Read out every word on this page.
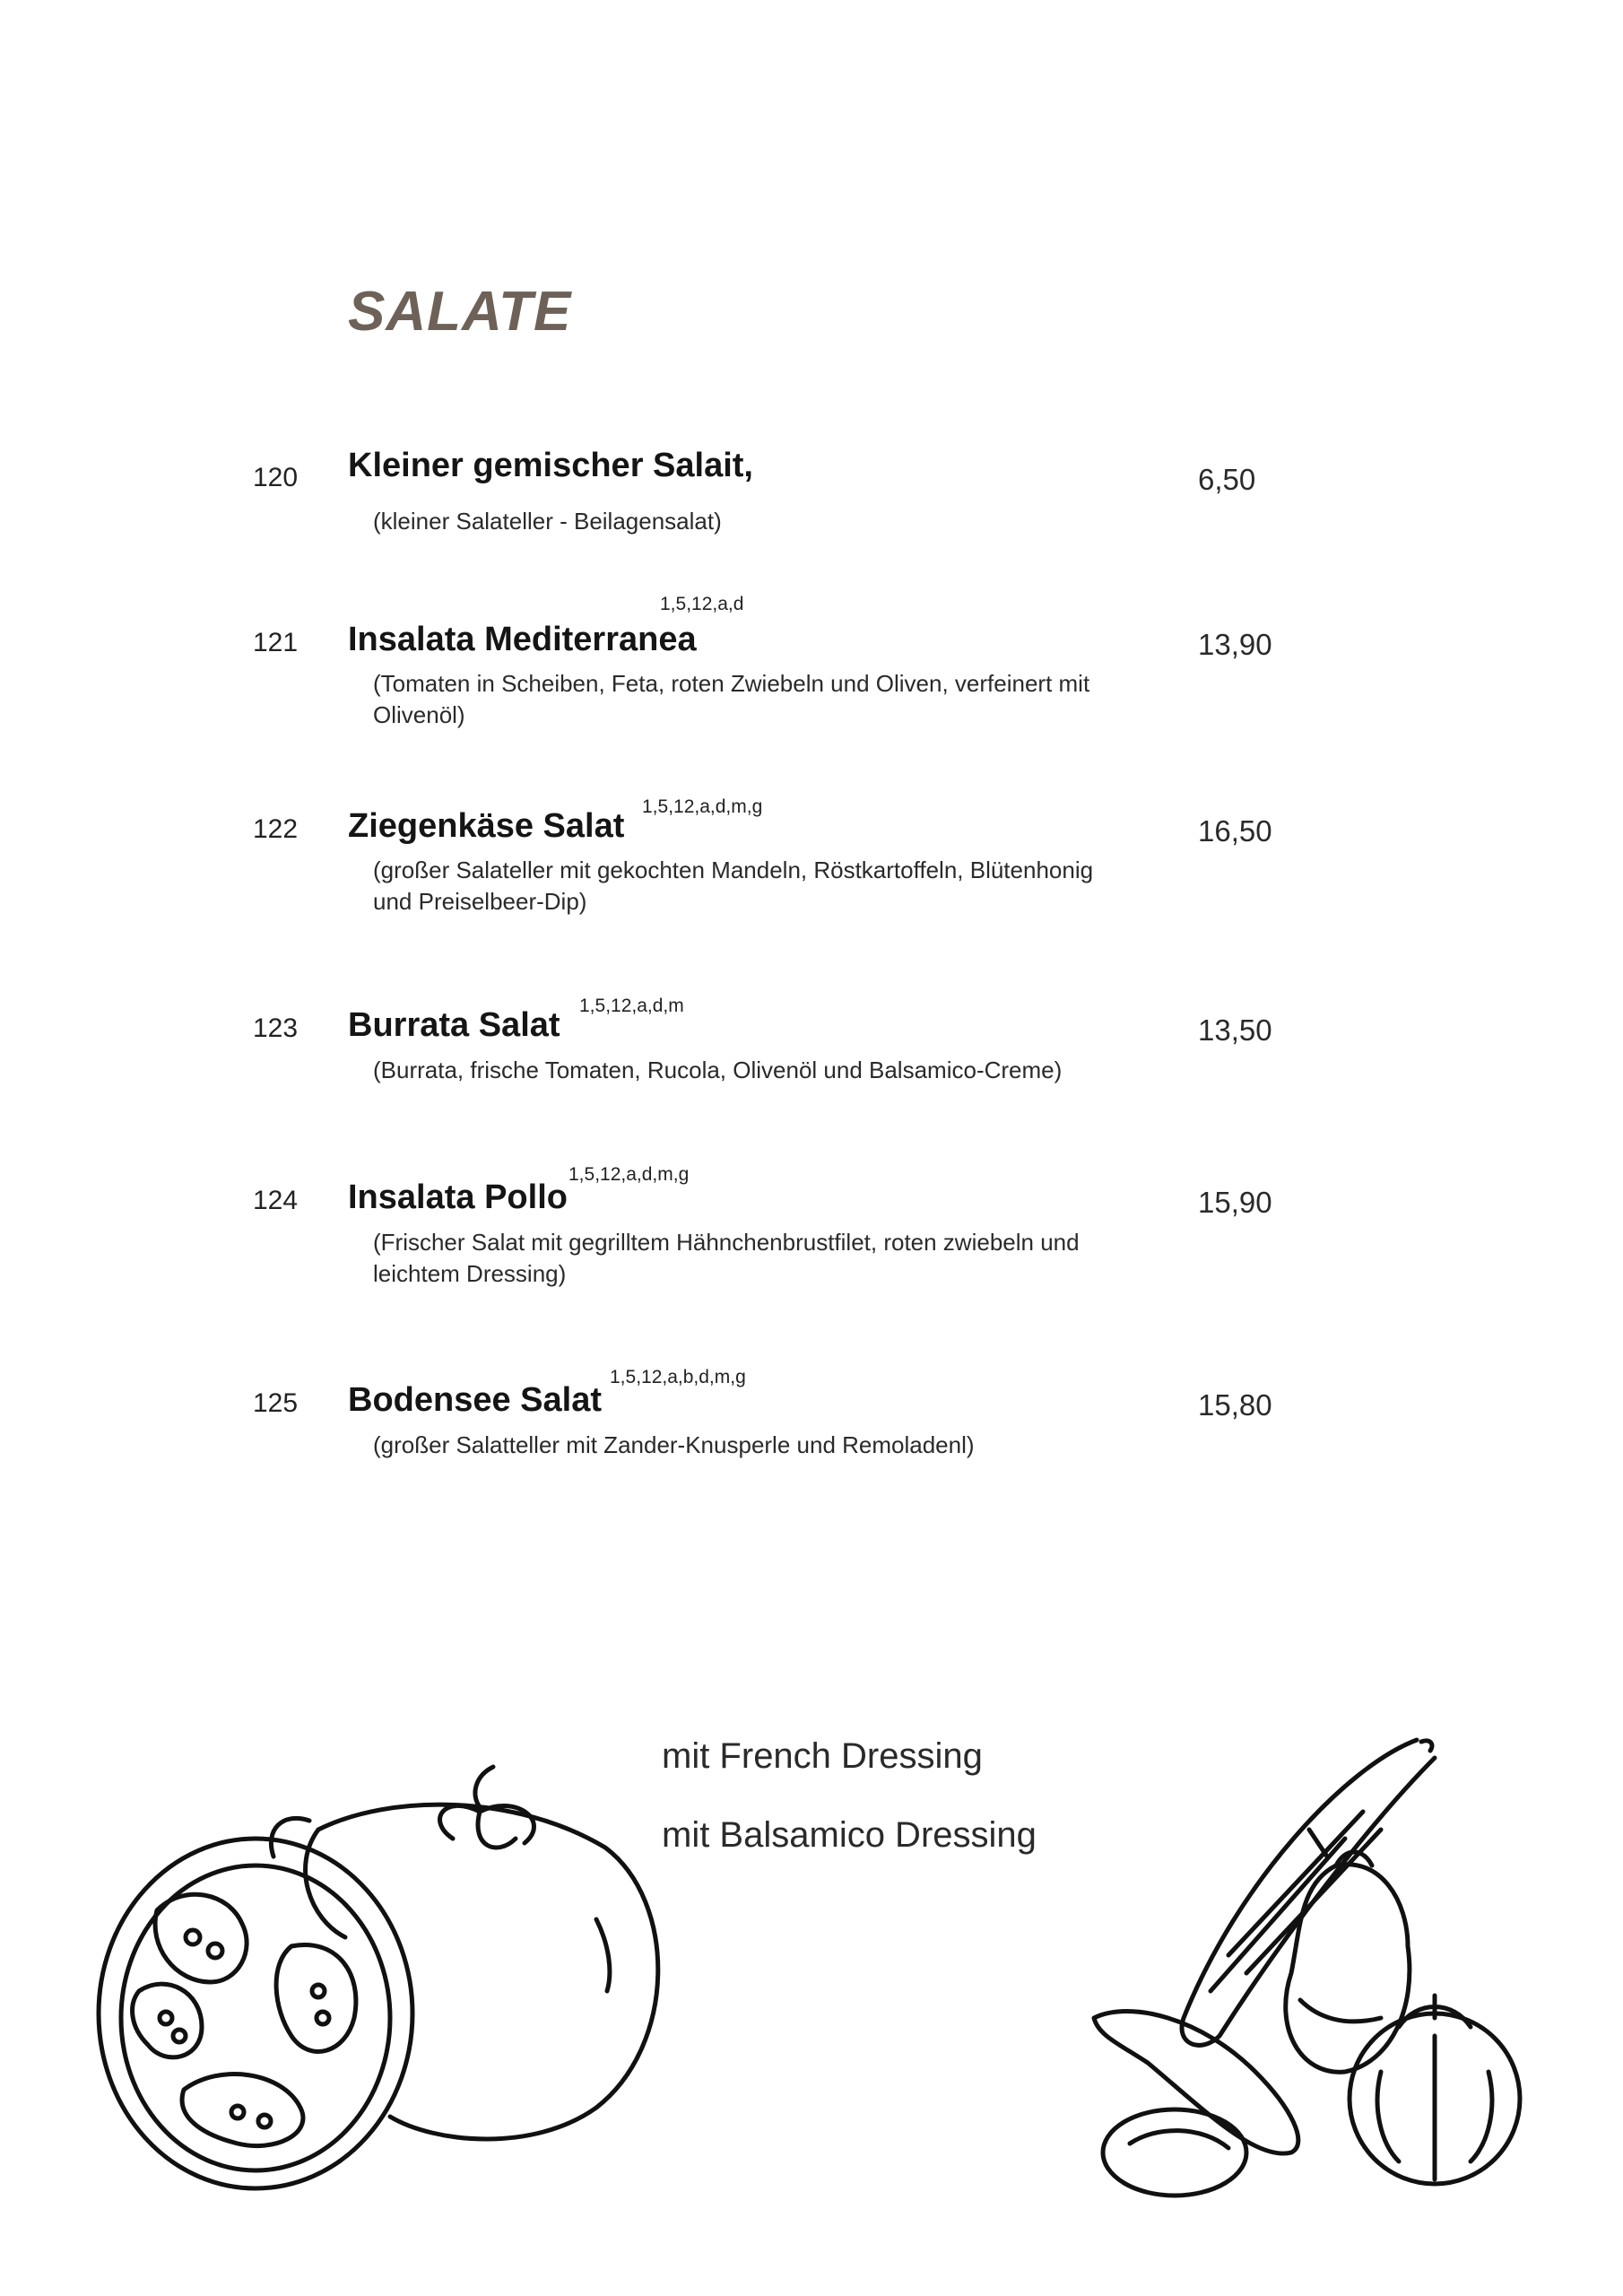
SALATE
120 Kleiner gemischer Salait,
(kleiner Salateller - Beilagensalat)
6,50
121 Insalata Mediterranea
1,5,12,a,d
(Tomaten in Scheiben, Feta, roten Zwiebeln und Oliven, verfeinert mit Olivenöl)
13,90
122 Ziegenkäse Salat
1,5,12,a,d,m,g
(großer Salateller mit gekochten Mandeln, Röstkartoffeln, Blütenhonig und Preiselbeer-Dip)
16,50
123 Burrata Salat
1,5,12,a,d,m
(Burrata, frische Tomaten, Rucola, Olivenöl und Balsamico-Creme)
13,50
124 Insalata Pollo
1,5,12,a,d,m,g
(Frischer Salat mit gegrilltem Hähnchenbrustfilet, roten zwiebeln und leichtem Dressing)
15,90
125 Bodensee Salat
1,5,12,a,b,d,m,g
(großer Salatteller mit Zander-Knusperle und Remoladenl)
15,80
mit French Dressing
mit Balsamico Dressing
